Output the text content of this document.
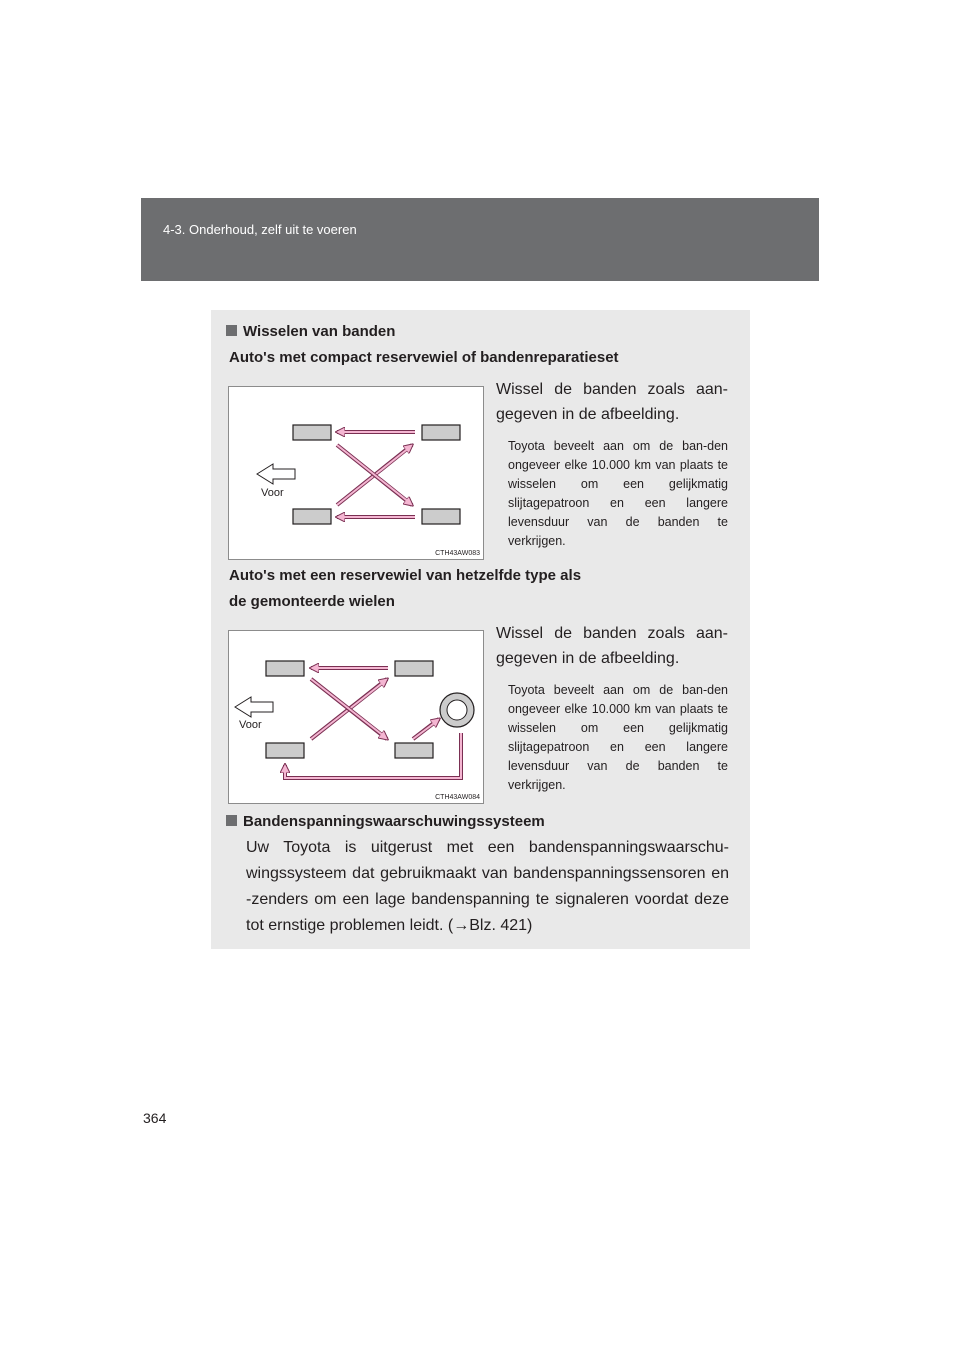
4-3. Onderhoud, zelf uit te voeren
Wisselen van banden
Auto's met compact reservewiel of bandenreparatieset
Voor
CTH43AW083
Wissel de banden zoals aan-gegeven in de afbeelding.
Toyota beveelt aan om de ban-den ongeveer elke 10.000 km van plaats te wisselen om een gelijkmatig slijtagepatroon en een langere levensduur van de banden te verkrijgen.
Auto's met een reservewiel van hetzelfde type als
de gemonteerde wielen
Voor
CTH43AW084
Wissel de banden zoals aan-gegeven in de afbeelding.
Toyota beveelt aan om de ban-den ongeveer elke 10.000 km van plaats te wisselen om een gelijkmatig slijtagepatroon en een langere levensduur van de banden te verkrijgen.
Bandenspanningswaarschuwingssysteem
Uw Toyota is uitgerust met een bandenspanningswaarschu-wingssysteem dat gebruikmaakt van bandenspanningssensoren en -zenders om een lage bandenspanning te signaleren voordat deze tot ernstige problemen leidt. (→Blz. 421)
364
